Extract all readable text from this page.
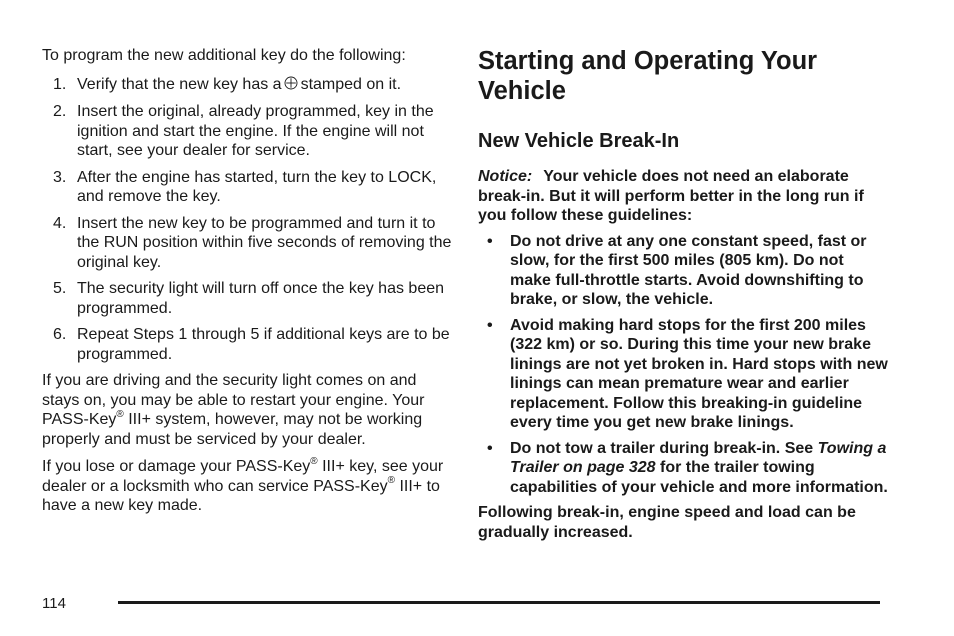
To program the new additional key do the following:

1. Verify that the new key has a stamped on it.
2. Insert the original, already programmed, key in the ignition and start the engine. If the engine will not start, see your dealer for service.
3. After the engine has started, turn the key to LOCK, and remove the key.
4. Insert the new key to be programmed and turn it to the RUN position within five seconds of removing the original key.
5. The security light will turn off once the key has been programmed.
6. Repeat Steps 1 through 5 if additional keys are to be programmed.

If you are driving and the security light comes on and stays on, you may be able to restart your engine. Your PASS-Key® III+ system, however, may not be working properly and must be serviced by your dealer.

If you lose or damage your PASS-Key® III+ key, see your dealer or a locksmith who can service PASS-Key® III+ to have a new key made.

Starting and Operating Your Vehicle
New Vehicle Break-In

Notice: Your vehicle does not need an elaborate break-in. But it will perform better in the long run if you follow these guidelines:

• Do not drive at any one constant speed, fast or slow, for the first 500 miles (805 km). Do not make full-throttle starts. Avoid downshifting to brake, or slow, the vehicle.
• Avoid making hard stops for the first 200 miles (322 km) or so. During this time your new brake linings are not yet broken in. Hard stops with new linings can mean premature wear and earlier replacement. Follow this breaking-in guideline every time you get new brake linings.
• Do not tow a trailer during break-in. See Towing a Trailer on page 328 for the trailer towing capabilities of your vehicle and more information.

Following break-in, engine speed and load can be gradually increased.

114
